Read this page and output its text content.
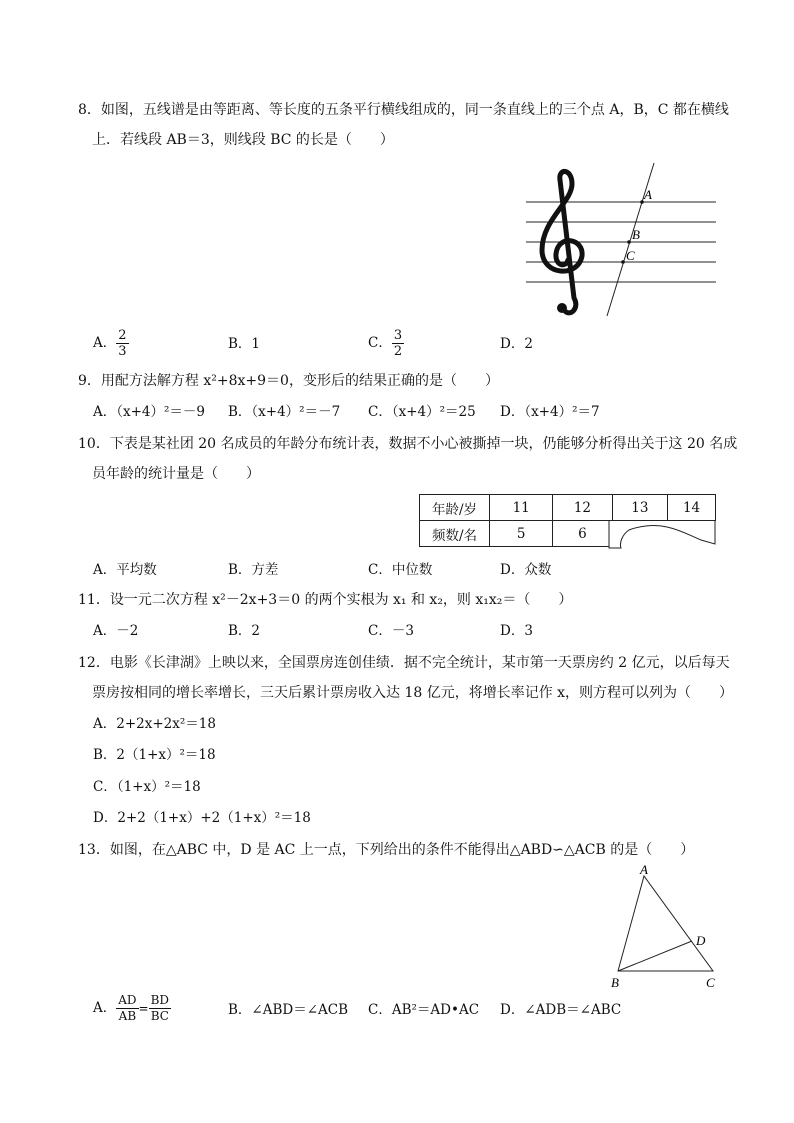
8．如图，五线谱是由等距离、等长度的五条平行横线组成的，同一条直线上的三个点 A，B，C 都在横线
上．若线段 AB＝3，则线段 BC 的长是（　　）
A
B
C
A． $\frac{2}{3}$	B．1	C． $\frac{3}{2}$	D．2
9．用配方法解方程 x²+8x+9＝0，变形后的结果正确的是（　　）
A．（x+4）²＝－9 B．（x+4）²＝－7 C．（x+4）²＝25 D．（x+4）²＝7
10．下表是某社团 20 名成员的年龄分布统计表，数据不小心被撕掉一块，仍能够分析得出关于这 20 名成
员年龄的统计量是（　　）
年龄/岁	11	12	13	14
频数/名	5	6		
A．平均数	B．方差	C．中位数	D．众数
11．设一元二次方程 x²－2x+3＝0 的两个实根为 x₁ 和 x₂，则 x₁x₂＝（　　）
A．－2	B．2	C．－3	D．3
12．电影《长津湖》上映以来，全国票房连创佳绩．据不完全统计，某市第一天票房约 2 亿元，以后每天
票房按相同的增长率增长，三天后累计票房收入达 18 亿元，将增长率记作 x，则方程可以列为（　　）
A．2+2x+2x²＝18
B．2（1+x）²＝18
C．（1+x）²＝18
D．2+2（1+x）+2（1+x）²＝18
13．如图，在△ABC 中，D 是 AC 上一点，下列给出的条件不能得出△ABD∽△ACB 的是（　　）
A
B	C
D
A． $\frac{AD}{AB} = \frac{BD}{BC}$	B．∠ABD＝∠ACB C．AB²＝AD•AC D．∠ADB＝∠ABC
